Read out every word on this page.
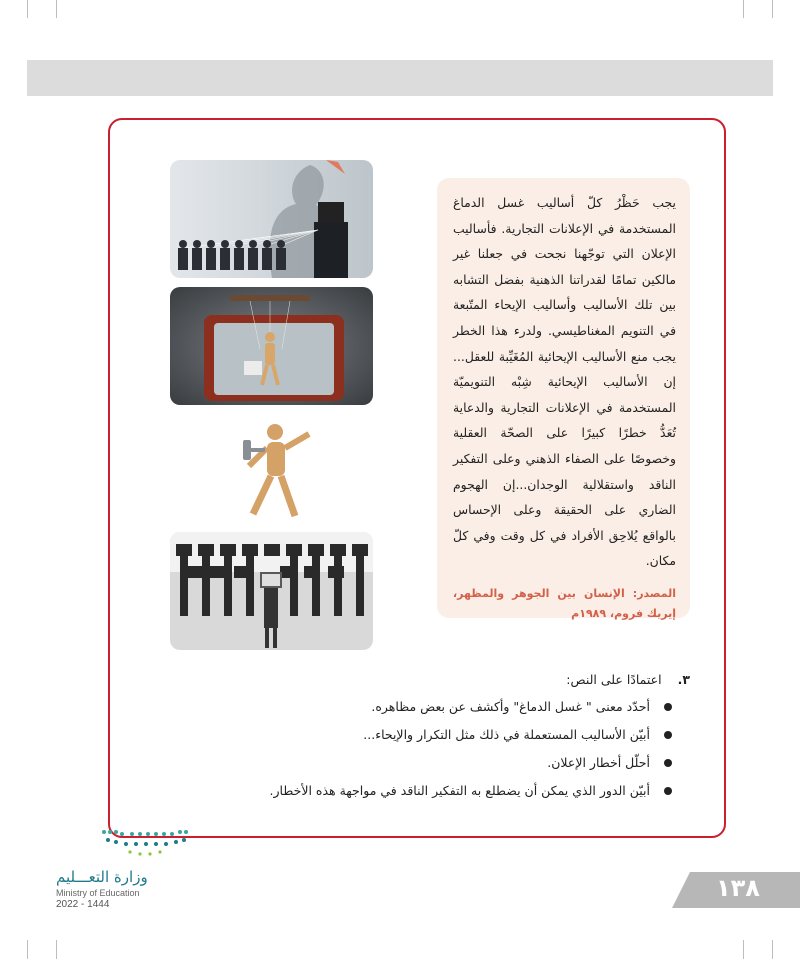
يجب حَظْرُ كلّ أساليب غسل الدماغ المستخدمة في الإعلانات التجارية. فأساليب الإعلان التي توجّهنا نجحت في جعلنا غير مالكين تمامًا لقدراتنا الذهنية بفضل التشابه بين تلك الأساليب وأساليب الإيحاء المتّبعة في التنويم المغناطيسي. ولدرء هذا الخطر يجب منع الأساليب الإيحائية المُغَيِّبة للعقل... إن الأساليب الإيحائية شِبْه التنويميّة المستخدمة في الإعلانات التجارية والدعاية تُعَدُّ خطرًا كبيرًا على الصحّة العقلية وخصوصًا على الصفاء الذهني وعلى التفكير الناقد واستقلالية الوجدان...إن الهجوم الضاري على الحقيقة وعلى الإحساس بالواقع يُلاحِق الأفراد في كل وقت وفي كلّ مكان.

المصدر: الإنسان بين الجوهر والمظهر، إيريك فروم، ١٩٨٩م
٣. اعتمادًا على النص:
أحدّد معنى " غسل الدماغ" وأكشف عن بعض مظاهره.
أبيّن الأساليب المستعملة في ذلك مثل التكرار والإيحاء...
أحلّل أخطار الإعلان.
أبيّن الدور الذي يمكن أن يضطلع به التفكير الناقد في مواجهة هذه الأخطار.
وزارة التعـــليم
Ministry of Education
2022 - 1444
١٣٨
